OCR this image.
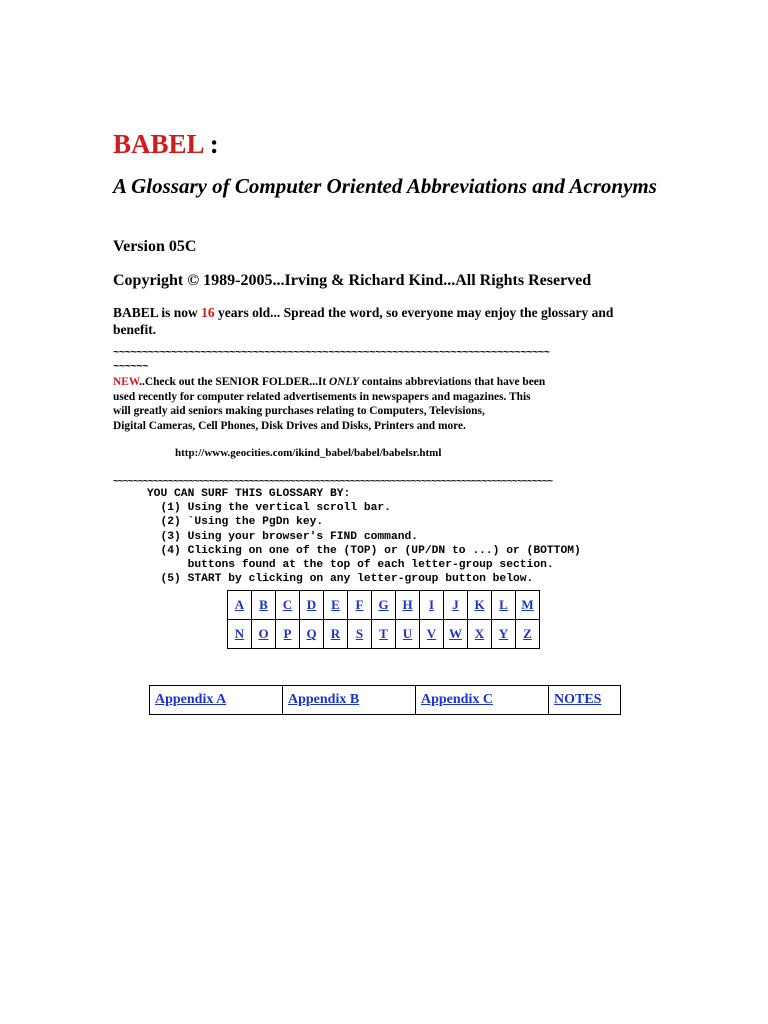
BABEL :
A Glossary of Computer Oriented Abbreviations and Acronyms
Version 05C
Copyright © 1989-2005...Irving & Richard Kind...All Rights Reserved
BABEL is now 16 years old... Spread the word, so everyone may enjoy the glossary and benefit.
~~~~~~~~~~~~~~~~~~~~~~~~~~~~~~~~~~~~~~~~~~~~~~~~~~~~~~~~~~~~~~~~~~~~~~~~~~~
~~~~~~
NEW..Check out the SENIOR FOLDER...It ONLY contains abbreviations that have been
used recently for computer related advertisements in newspapers and magazines. This
will greatly aid seniors making purchases relating to Computers, Televisions,
Digital Cameras, Cell Phones, Disk Drives and Disks, Printers and more.
http://www.geocities.com/ikind_babel/babel/babelsr.html
~~~~~~~~~~~~~~~~~~~~~~~~~~~~~~~~~~~~~~~~~~~~~~~~~~~~~~~~~~~~~~~~~~~~~~~~~~~~~~~~~~~~~~~
YOU CAN SURF THIS GLOSSARY BY:
(1) Using the vertical scroll bar.
(2) `Using the PgDn key.
(3) Using your browser's FIND command.
(4) Clicking on one of the (TOP) or (UP/DN to ...) or (BOTTOM)
buttons found at the top of each letter-group section.
(5) START by clicking on any letter-group button below.
A	B	C	D	E	F	G	H	I	J	K	L	M
N	O	P	Q	R	S	T	U	V	W	X	Y	Z
Appendix A	Appendix B	Appendix C	NOTES
